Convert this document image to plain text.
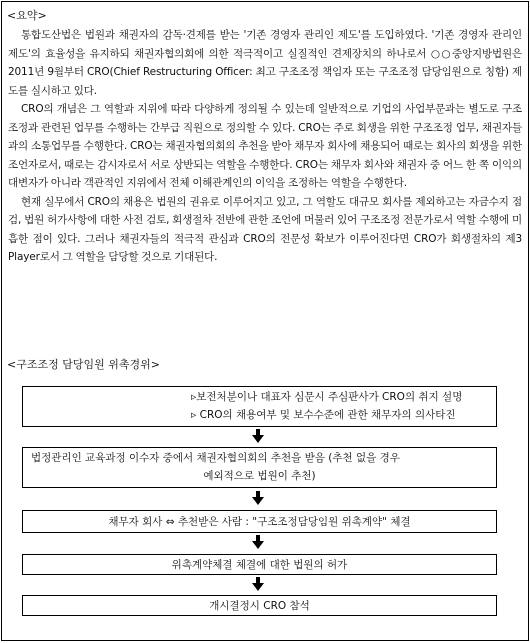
<요약>

통합도산법은 법원과 채권자의 감독·견제를 받는 '기존 경영자 관리인 제도'를 도입하였다. '기존 경영자 관리인 제도'의 효율성을 유지하되 채권자협의회에 의한 적극적이고 실질적인 견제장치의 하나로서 ○○중앙지방법원은 2011년 9월부터 CRO(Chief Restructuring Officer: 최고 구조조정 책임자 또는 구조조정 담당임원으로 칭함) 제도를 실시하고 있다.

CRO의 개념은 그 역할과 지위에 따라 다양하게 정의될 수 있는데 일반적으로 기업의 사업부문과는 별도로 구조조정과 관련된 업무를 수행하는 간부급 직원으로 정의할 수 있다. CRO는 주로 회생을 위한 구조조정 업무, 채권자들과의 소통업무를 수행한다. CRO는 채권자협의회의 추천을 받아 채무자 회사에 채용되어 때로는 회사의 회생을 위한 조언자로서, 때로는 감시자로서 서로 상반되는 역할을 수행한다. CRO는 채무자 회사와 채권자 중 어느 한 쪽 이익의 대변자가 아니라 객관적인 지위에서 전체 이해관계인의 이익을 조정하는 역할을 수행한다.

현재 실무에서 CRO의 채용은 법원의 권유로 이루어지고 있고, 그 역할도 대규모 회사를 제외하고는 자금수지 점검, 법원 허가사항에 대한 사전 검토, 회생절차 전반에 관한 조언에 머물러 있어 구조조정 전문가로서 역할 수행에 미흡한 점이 있다. 그러나 채권자들의 적극적 관심과 CRO의 전문성 확보가 이루어진다면 CRO가 회생절차의 제3 Player로서 그 역할을 담당할 것으로 기대된다.

<구조조정 담당임원 위촉경위>
▹보전처분이나 대표자 심문시 주심판사가 CRO의 취지 설명
▹ CRO의 채용여부 및 보수수준에 관한 채무자의 의사타진
법정관리인 교육과정 이수자 중에서 채권자협의회의 추천을 받음 (추천 없을 경우
예외적으로 법원이 추천)
채무자 회사 ⇔ 추천받은 사람 : "구조조정담당임원 위촉계약" 체결
위촉계약체결 체결에 대한 법원의 허가
개시결정시 CRO 참석
